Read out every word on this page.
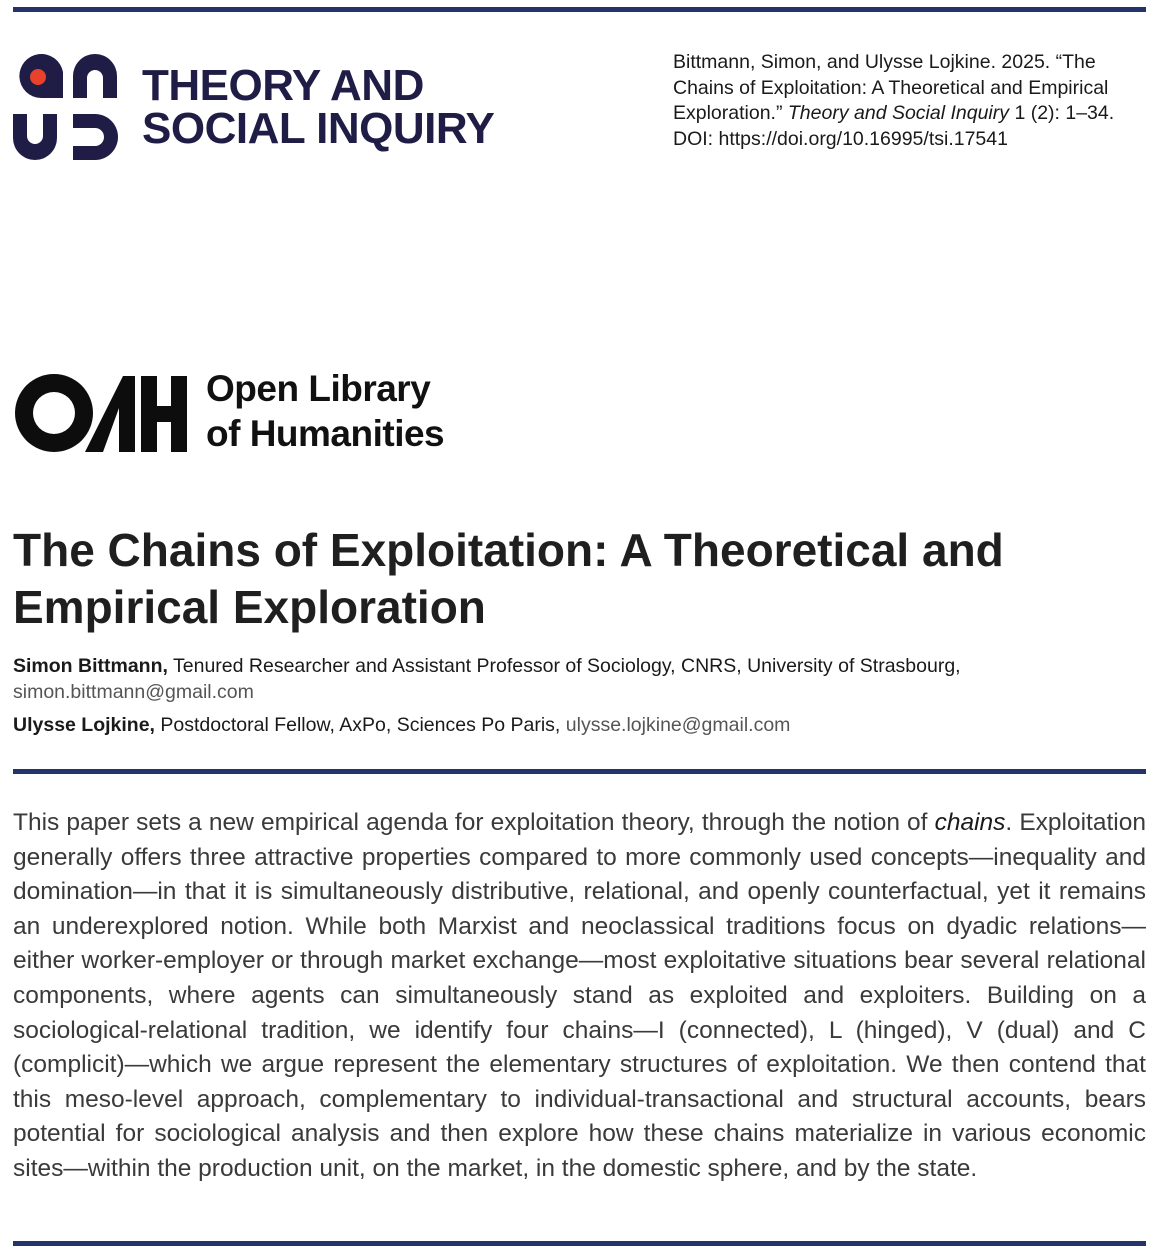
THEORY AND
SOCIAL INQUIRY
Bittmann, Simon, and Ulysse Lojkine. 2025. “The Chains of Exploitation: A Theoretical and Empirical Exploration.” Theory and Social Inquiry 1 (2): 1–34.
DOI: https://doi.org/10.16995/tsi.17541
Open Library
of Humanities
The Chains of Exploitation: A Theoretical and Empirical Exploration
Simon Bittmann, Tenured Researcher and Assistant Professor of Sociology, CNRS, University of Strasbourg,
simon.bittmann@gmail.com
Ulysse Lojkine, Postdoctoral Fellow, AxPo, Sciences Po Paris, ulysse.lojkine@gmail.com

This paper sets a new empirical agenda for exploitation theory, through the notion of chains. Exploitation generally offers three attractive properties compared to more commonly used concepts—inequality and domination—in that it is simultaneously distributive, relational, and openly counterfactual, yet it remains an underexplored notion. While both Marxist and neoclassical traditions focus on dyadic relations—either worker-employer or through market exchange—most exploitative situations bear several relational components, where agents can simultaneously stand as exploited and exploiters. Building on a sociological-relational tradition, we identify four chains—I (connected), L (hinged), V (dual) and C (complicit)—which we argue represent the elementary structures of exploitation. We then contend that this meso-level approach, complementary to individual-transactional and structural accounts, bears potential for sociological analysis and then explore how these chains materialize in various economic sites—within the production unit, on the market, in the domestic sphere, and by the state.
